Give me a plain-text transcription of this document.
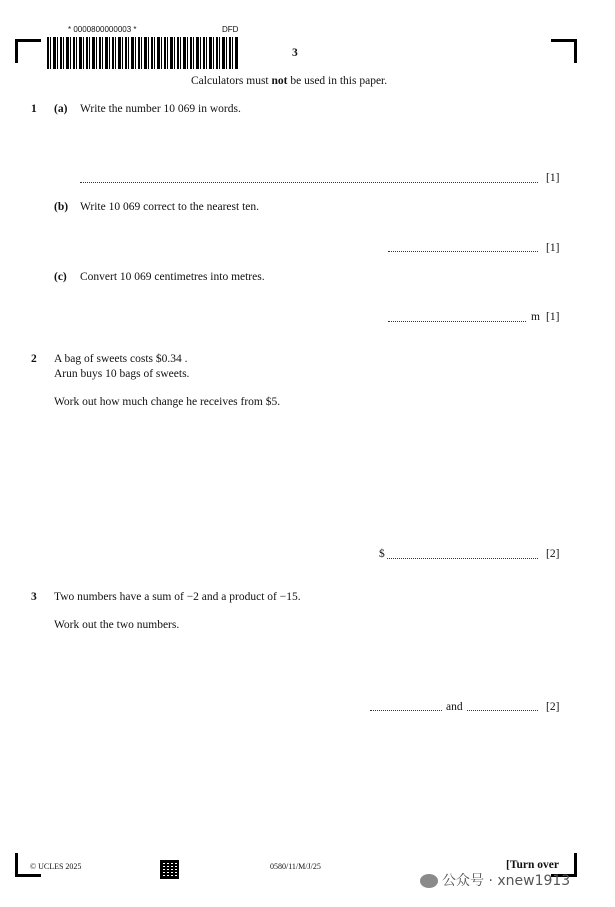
* 0000800000003 *	DFD
3
Calculators must not be used in this paper.
1 (a) Write the number 10 069 in words.
[1]
(b) Write 10 069 correct to the nearest ten.
[1]
(c) Convert 10 069 centimetres into metres.
m [1]
2 A bag of sweets costs $0.34 .
Arun buys 10 bags of sweets.
Work out how much change he receives from $5.
$	[2]
3 Two numbers have a sum of −2 and a product of −15.
Work out the two numbers.
and	[2]
© UCLES 2025	0580/11/M/J/25	[Turn over
公众号 · xnew1913
